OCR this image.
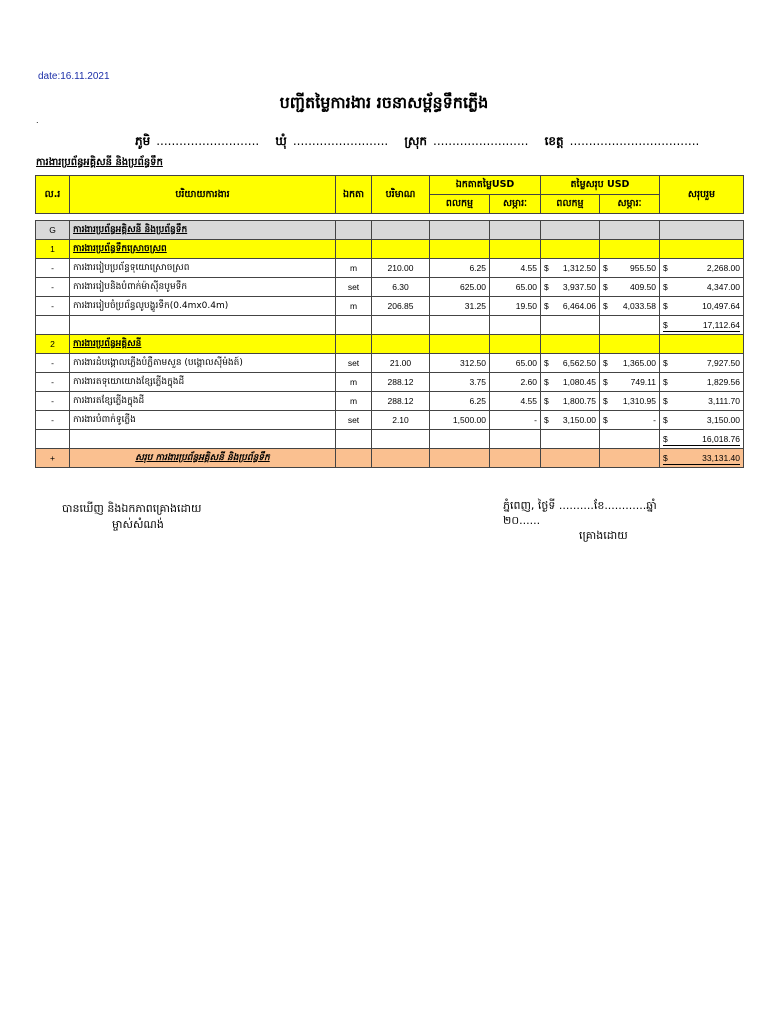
date:16.11.2021
បញ្ជីតម្លៃការងារ រចនាសម្ព័ន្ធទឹកភ្លើង
.
ភូមិ ........................... ឃុំ ......................... ស្រុក ......................... ខេត្ត ..................................
ការងារប្រព័ន្ធអគ្គិសនី និងប្រព័ន្ធទឹក
ល.រ	បរិយាយការងារ	ឯកតា	បរិមាណ	ឯកតាតម្លៃUSD		តម្លៃសរុប USD		សរុបរួម
				ពលកម្ម	សម្ភារៈ	ពលកម្ម	សម្ភារៈ	

G	ការងារប្រព័ន្ធអគ្គិសនី និងប្រព័ន្ធទឹក							
1	ការងារប្រព័ន្ធទឹកស្រោចស្រព							
-	ការងាររៀបប្រព័ន្ធទុយោស្រោចស្រព	m	210.00	6.25	4.55	$ 1,312.50	$ 955.50	$ 2,268.00

-	ការងាររៀបនិងបំពាក់ម៉ាស៊ីនបូមទឹក	set	6.30	625.00	65.00	$ 3,937.50	$ 409.50	$ 4,347.00

-	ការងាររៀបចំប្រព័ន្ធលូបង្ហូរទឹក(0.4mx0.4m)	m	206.85	31.25	19.50	$ 6,464.06	$ 4,033.58	$ 10,497.64

								$ 17,112.64

2	ការងារប្រព័ន្ធអគ្គិសនី							
-	ការងារដំបង្គោលភ្លើងបំភ្លឺតាមសួន (បង្គោលស៊ីម៉ងត៍)	set	21.00	312.50	65.00	$ 6,562.50	$ 1,365.00	$ 7,927.50

-	ការងារតទុយោយោងខ្សែភ្លើងក្នុងដី	m	288.12	3.75	2.60	$ 1,080.45	$ 749.11	$ 1,829.56

-	ការងារតខ្សែភ្លើងក្នុងដី	m	288.12	6.25	4.55	$ 1,800.75	$ 1,310.95	$ 3,111.70

-	ការងារបំពាក់ទូភ្លើង	set	2.10	1,500.00	-	$ 3,150.00	$ -	$ 3,150.00

								$ 16,018.76

+	សរុប ការងារប្រព័ន្ធអគ្គិសនី និងប្រព័ន្ធទឹក							$ 33,131.40
បានឃើញ និងឯកភាពគ្រោងដោយ
ម្ចាស់សំណង់
ភ្នំពេញ, ថ្ងៃទី ..........ខែ............ឆ្នាំ
២០......
គ្រោងដោយ
